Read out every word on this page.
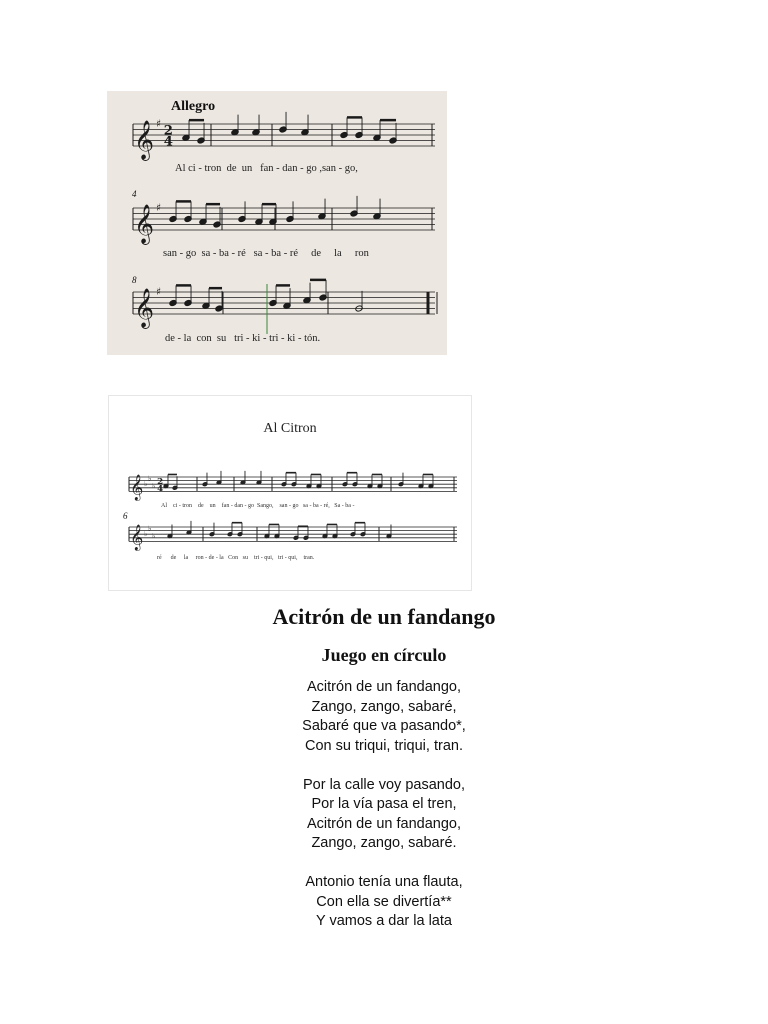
Allegro
4
8
Al ci - tron  de  un   fan - dan - go ,san - go,
san - go  sa - ba - ré   sa - ba - ré     de     la     ron
de - la  con  su   tri - ki - tri - ki - tón.
𝄞 ♯ 2
4
𝄞 ♯
𝄞 ♯
Al Citron
6
Al    ci - tron    de    un    fan - dan - go  Sango,    san - go   sa - ba - ré,   Sa - ba -
ré      de     la     ron - de - la   Con   su    tri - qui,   tri - qui,    tran.
𝄞 ♭
♭
♭ 2
4
𝄞 ♭
♭
♭
Acitrón de un fandango
Juego en círculo
Acitrón de un fandango,
Zango, zango, sabaré,
Sabaré que va pasando*,
Con su triqui, triqui, tran.
Por la calle voy pasando,
Por la vía pasa el tren,
Acitrón de un fandango,
Zango, zango, sabaré.
Antonio tenía una flauta,
Con ella se divertía**
Y vamos a dar la lata
